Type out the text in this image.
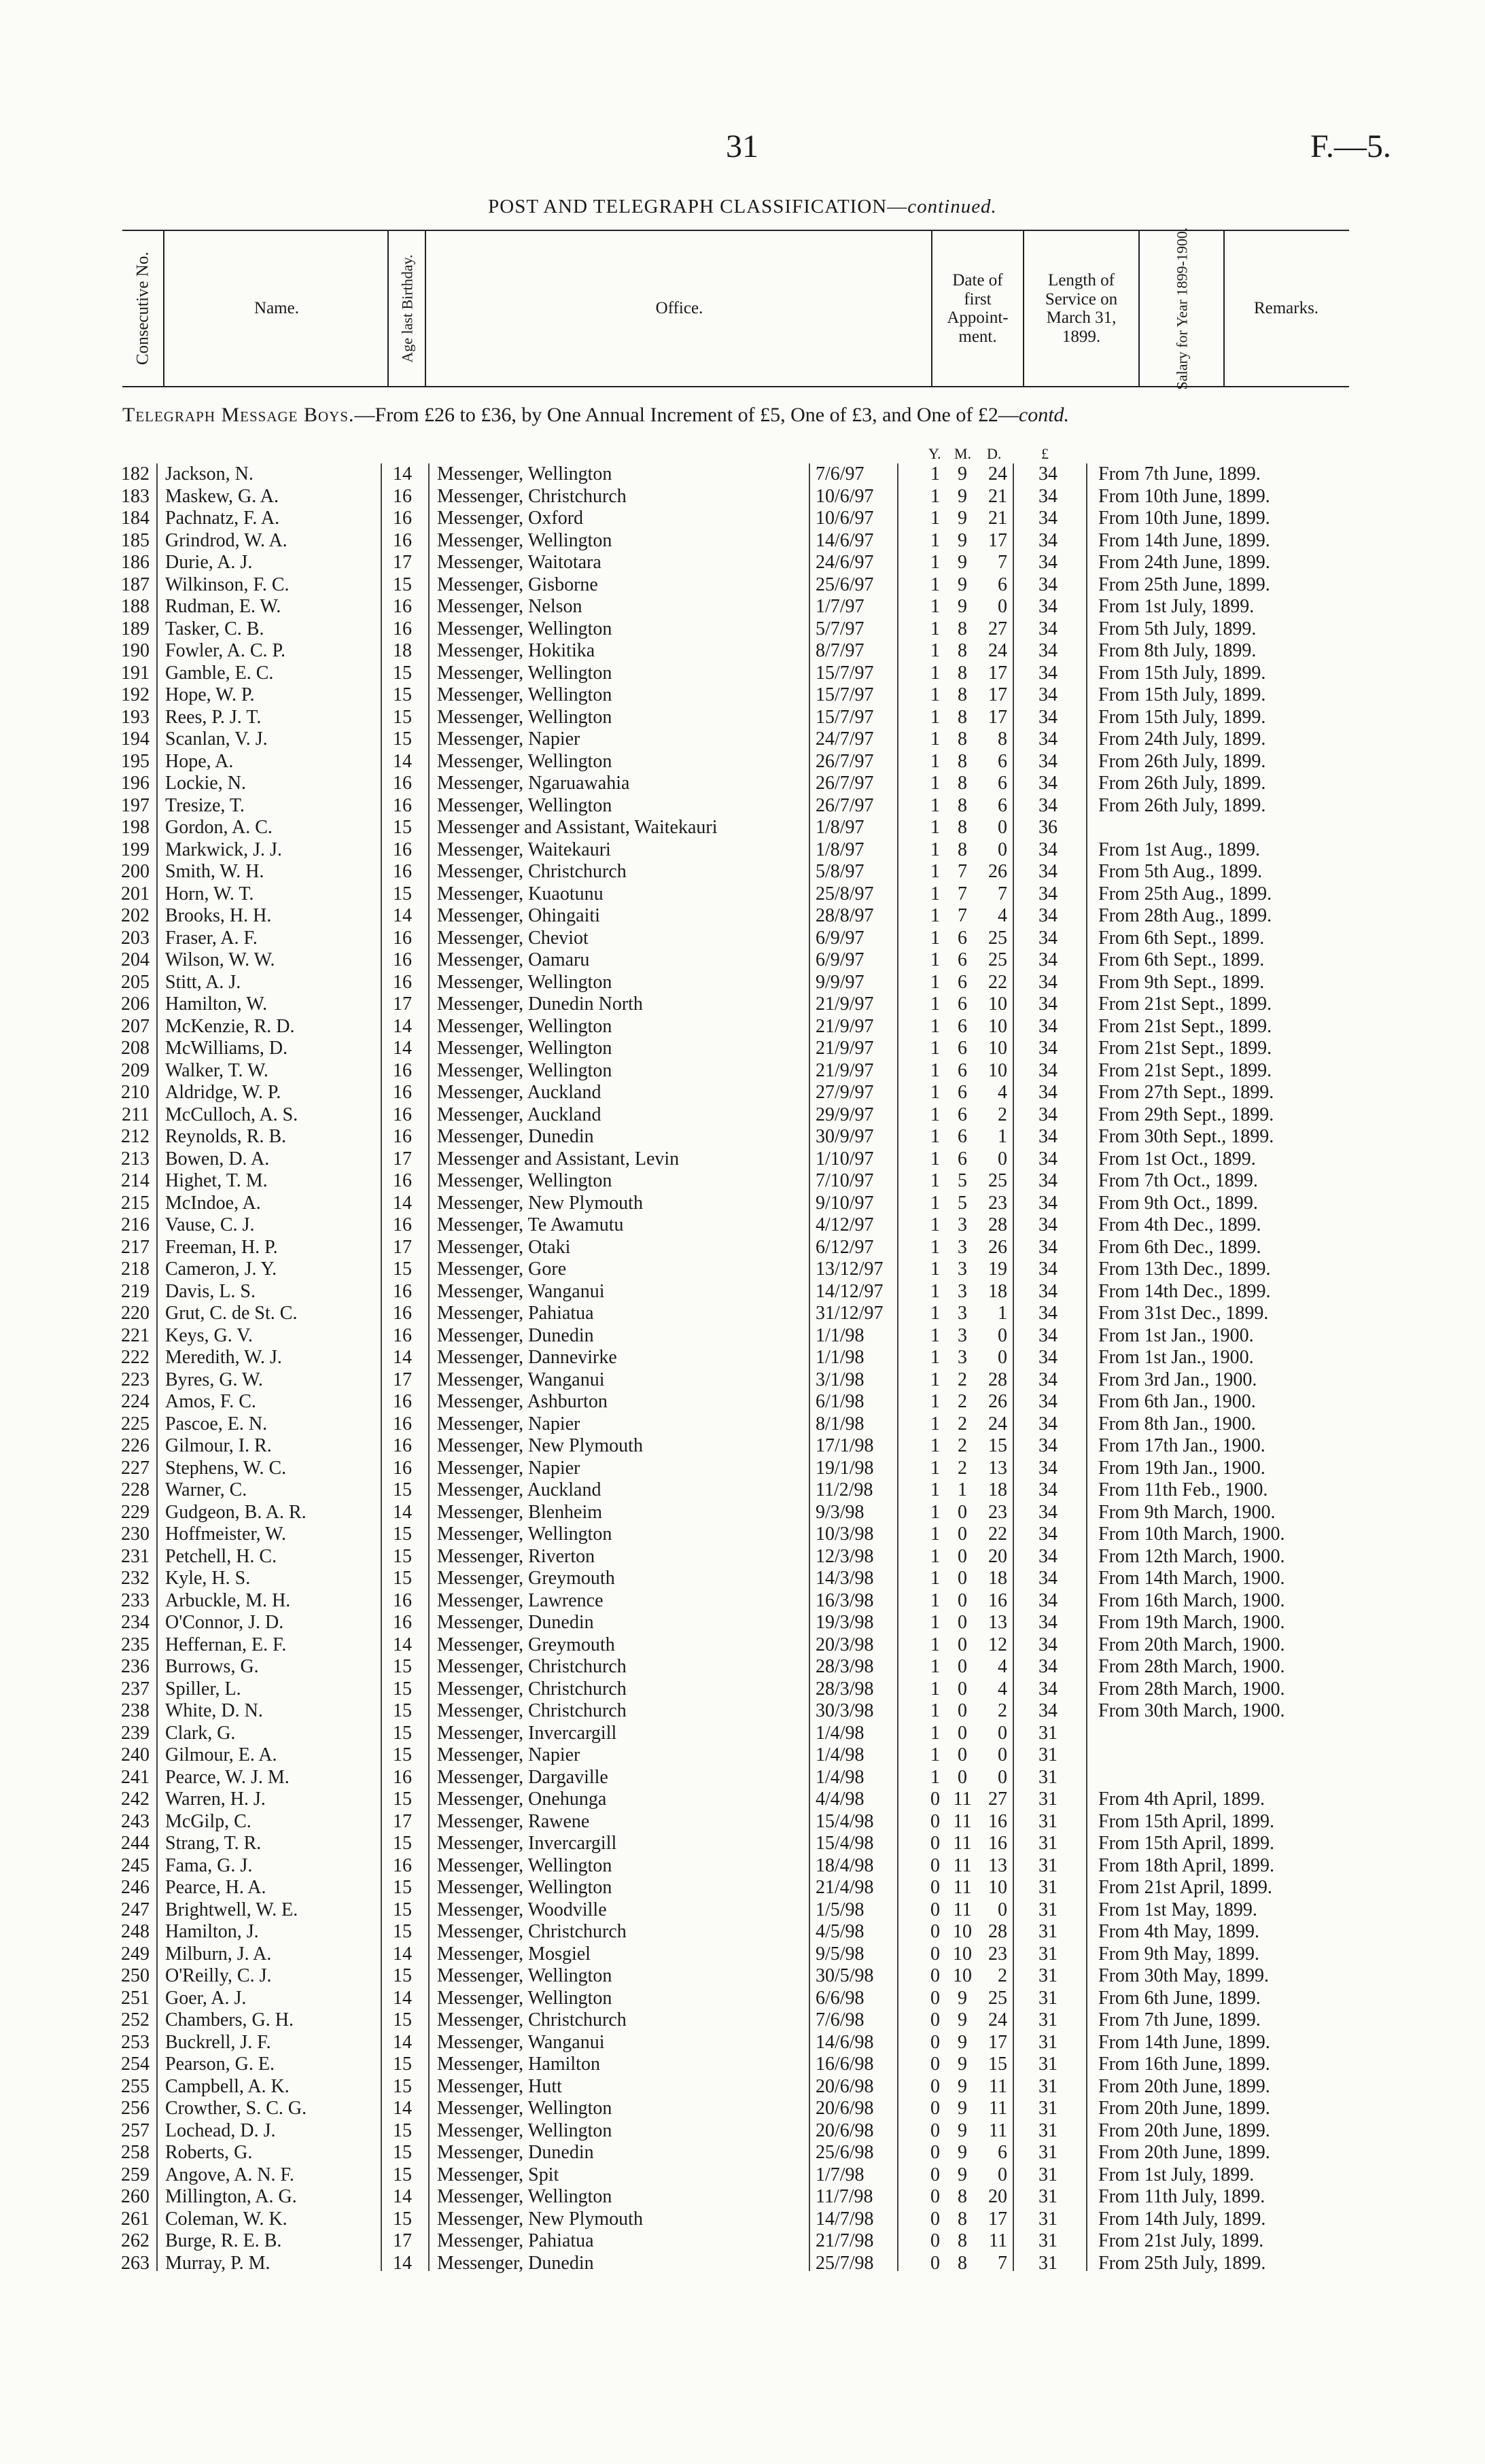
31	F.—5.
POST AND TELEGRAPH CLASSIFICATION—continued.
Consecutive No.	Name.	Age last Birthday.	Office.
Date of first Appoint- ment.
Length of Service on March 31, 1899.	Salary for Year 1899-1900.	Remarks.
Telegraph Message Boys.—From £26 to £36, by One Annual Increment of £5, One of £3, and One of £2—contd.
Y. M. D.	£
182 Jackson, N.	14 Messenger, Wellington	7/6/97	1 9	24 34	From 7th June, 1899.
183 Maskew, G. A.	16 Messenger, Christchurch	10/6/97	1 9	21 34	From 10th June, 1899.
184 Pachnatz, F. A.	16 Messenger, Oxford	10/6/97	1 9	21 34	From 10th June, 1899.
185 Grindrod, W. A.	16 Messenger, Wellington	14/6/97	1 9	17 34	From 14th June, 1899.
186 Durie, A. J.	17 Messenger, Waitotara	24/6/97	1 9	7 34	From 24th June, 1899.
187 Wilkinson, F. C.	15 Messenger, Gisborne	25/6/97	1 9	6 34	From 25th June, 1899.
188 Rudman, E. W.	16 Messenger, Nelson	1/7/97	1 9	0 34	From 1st July, 1899.
189 Tasker, C. B.	16 Messenger, Wellington	5/7/97	1 8	27 34	From 5th July, 1899.
190 Fowler, A. C. P.	18 Messenger, Hokitika	8/7/97	1 8	24 34	From 8th July, 1899.
191 Gamble, E. C.	15 Messenger, Wellington	15/7/97	1 8	17 34	From 15th July, 1899.
192 Hope, W. P.	15 Messenger, Wellington	15/7/97	1 8	17 34	From 15th July, 1899.
193 Rees, P. J. T.	15 Messenger, Wellington	15/7/97	1 8	17 34	From 15th July, 1899.
194 Scanlan, V. J.	15 Messenger, Napier	24/7/97	1 8	8 34	From 24th July, 1899.
195 Hope, A.	14 Messenger, Wellington	26/7/97	1 8	6 34	From 26th July, 1899.
196 Lockie, N.	16 Messenger, Ngaruawahia	26/7/97	1 8	6 34	From 26th July, 1899.
197 Tresize, T.	16 Messenger, Wellington	26/7/97	1 8	6 34	From 26th July, 1899.
198 Gordon, A. C.	15 Messenger and Assistant, Waitekauri	1/8/97	1 8	0 36
199 Markwick, J. J.	16 Messenger, Waitekauri	1/8/97	1 8	0 34	From 1st Aug., 1899.
200 Smith, W. H.	16 Messenger, Christchurch	5/8/97	1 7	26 34	From 5th Aug., 1899.
201 Horn, W. T.	15 Messenger, Kuaotunu	25/8/97	1 7	7 34	From 25th Aug., 1899.
202 Brooks, H. H.	14 Messenger, Ohingaiti	28/8/97	1 7	4 34	From 28th Aug., 1899.
203 Fraser, A. F.	16 Messenger, Cheviot	6/9/97	1 6	25 34	From 6th Sept., 1899.
204 Wilson, W. W.	16 Messenger, Oamaru	6/9/97	1 6	25 34	From 6th Sept., 1899.
205 Stitt, A. J.	16 Messenger, Wellington	9/9/97	1 6	22 34	From 9th Sept., 1899.
206 Hamilton, W.	17 Messenger, Dunedin North	21/9/97	1 6	10 34	From 21st Sept., 1899.
207 McKenzie, R. D.	14 Messenger, Wellington	21/9/97	1 6	10 34	From 21st Sept., 1899.
208 McWilliams, D.	14 Messenger, Wellington	21/9/97	1 6	10 34	From 21st Sept., 1899.
209 Walker, T. W.	16 Messenger, Wellington	21/9/97	1 6	10 34	From 21st Sept., 1899.
210 Aldridge, W. P.	16 Messenger, Auckland	27/9/97	1 6	4 34	From 27th Sept., 1899.
211 McCulloch, A. S.	16 Messenger, Auckland	29/9/97	1 6	2 34	From 29th Sept., 1899.
212 Reynolds, R. B.	16 Messenger, Dunedin	30/9/97	1 6	1 34	From 30th Sept., 1899.
213 Bowen, D. A.	17 Messenger and Assistant, Levin	1/10/97	1 6	0 34	From 1st Oct., 1899.
214 Highet, T. M.	16 Messenger, Wellington	7/10/97	1 5	25 34	From 7th Oct., 1899.
215 McIndoe, A.	14 Messenger, New Plymouth	9/10/97	1 5	23 34	From 9th Oct., 1899.
216 Vause, C. J.	16 Messenger, Te Awamutu	4/12/97	1 3	28 34	From 4th Dec., 1899.
217 Freeman, H. P.	17 Messenger, Otaki	6/12/97	1 3	26 34	From 6th Dec., 1899.
218 Cameron, J. Y.	15 Messenger, Gore	13/12/97 1 3	19 34	From 13th Dec., 1899.
219 Davis, L. S.	16 Messenger, Wanganui	14/12/97 1 3	18 34	From 14th Dec., 1899.
220 Grut, C. de St. C.	16 Messenger, Pahiatua	31/12/97 1 3	1 34	From 31st Dec., 1899.
221 Keys, G. V.	16 Messenger, Dunedin	1/1/98	1 3	0 34	From 1st Jan., 1900.
222 Meredith, W. J.	14 Messenger, Dannevirke	1/1/98	1 3	0 34	From 1st Jan., 1900.
223 Byres, G. W.	17 Messenger, Wanganui	3/1/98	1 2	28 34	From 3rd Jan., 1900.
224 Amos, F. C.	16 Messenger, Ashburton	6/1/98	1 2	26 34	From 6th Jan., 1900.
225 Pascoe, E. N.	16 Messenger, Napier	8/1/98	1 2	24 34	From 8th Jan., 1900.
226 Gilmour, I. R.	16 Messenger, New Plymouth	17/1/98	1 2	15 34	From 17th Jan., 1900.
227 Stephens, W. C.	16 Messenger, Napier	19/1/98	1 2	13 34	From 19th Jan., 1900.
228 Warner, C.	15 Messenger, Auckland	11/2/98	1 1	18 34	From 11th Feb., 1900.
229 Gudgeon, B. A. R.	14 Messenger, Blenheim	9/3/98	1 0	23 34	From 9th March, 1900.
230 Hoffmeister, W.	15 Messenger, Wellington	10/3/98	1 0	22 34	From 10th March, 1900.
231 Petchell, H. C.	15 Messenger, Riverton	12/3/98	1 0	20 34	From 12th March, 1900.
232 Kyle, H. S.	15 Messenger, Greymouth	14/3/98	1 0	18 34	From 14th March, 1900.
233 Arbuckle, M. H.	16 Messenger, Lawrence	16/3/98	1 0	16 34	From 16th March, 1900.
234 O'Connor, J. D.	16 Messenger, Dunedin	19/3/98	1 0	13 34	From 19th March, 1900.
235 Heffernan, E. F.	14 Messenger, Greymouth	20/3/98	1 0	12 34	From 20th March, 1900.
236 Burrows, G.	15 Messenger, Christchurch	28/3/98	1 0	4 34	From 28th March, 1900.
237 Spiller, L.	15 Messenger, Christchurch	28/3/98	1 0	4 34	From 28th March, 1900.
238 White, D. N.	15 Messenger, Christchurch	30/3/98	1 0	2 34	From 30th March, 1900.
239 Clark, G.	15 Messenger, Invercargill	1/4/98	1 0	0 31
240 Gilmour, E. A.	15 Messenger, Napier	1/4/98	1 0	0 31
241 Pearce, W. J. M.	16 Messenger, Dargaville	1/4/98	1 0	0 31
242 Warren, H. J.	15 Messenger, Onehunga	4/4/98	0 11 27 31	From 4th April, 1899.
243 McGilp, C.	17 Messenger, Rawene	15/4/98	0 11 16 31	From 15th April, 1899.
244 Strang, T. R.	15 Messenger, Invercargill	15/4/98	0 11 16 31	From 15th April, 1899.
245 Fama, G. J.	16 Messenger, Wellington	18/4/98	0 11 13 31	From 18th April, 1899.
246 Pearce, H. A.	15 Messenger, Wellington	21/4/98	0 11 10 31	From 21st April, 1899.
247 Brightwell, W. E.	15 Messenger, Woodville	1/5/98	0 11	0 31	From 1st May, 1899.
248 Hamilton, J.	15 Messenger, Christchurch	4/5/98	0 10 28 31	From 4th May, 1899.
249 Milburn, J. A.	14 Messenger, Mosgiel	9/5/98	0 10 23 31	From 9th May, 1899.
250 O'Reilly, C. J.	15 Messenger, Wellington	30/5/98	0 10	2 31	From 30th May, 1899.
251 Goer, A. J.	14 Messenger, Wellington	6/6/98	0 9	25 31	From 6th June, 1899.
252 Chambers, G. H.	15 Messenger, Christchurch	7/6/98	0 9	24 31	From 7th June, 1899.
253 Buckrell, J. F.	14 Messenger, Wanganui	14/6/98	0 9	17 31	From 14th June, 1899.
254 Pearson, G. E.	15 Messenger, Hamilton	16/6/98	0 9	15 31	From 16th June, 1899.
255 Campbell, A. K.	15 Messenger, Hutt	20/6/98	0 9	11 31	From 20th June, 1899.
256 Crowther, S. C. G.	14 Messenger, Wellington	20/6/98	0 9	11 31	From 20th June, 1899.
257 Lochead, D. J.	15 Messenger, Wellington	20/6/98	0 9	11 31	From 20th June, 1899.
258 Roberts, G.	15 Messenger, Dunedin	25/6/98	0 9	6 31	From 20th June, 1899.
259 Angove, A. N. F.	15 Messenger, Spit	1/7/98	0 9	0 31	From 1st July, 1899.
260 Millington, A. G.	14 Messenger, Wellington	11/7/98	0 8	20 31	From 11th July, 1899.
261 Coleman, W. K.	15 Messenger, New Plymouth	14/7/98	0 8	17 31	From 14th July, 1899.
262 Burge, R. E. B.	17 Messenger, Pahiatua	21/7/98	0 8	11 31	From 21st July, 1899.
263 Murray, P. M.	14 Messenger, Dunedin	25/7/98	0 8	7 31	From 25th July, 1899.
